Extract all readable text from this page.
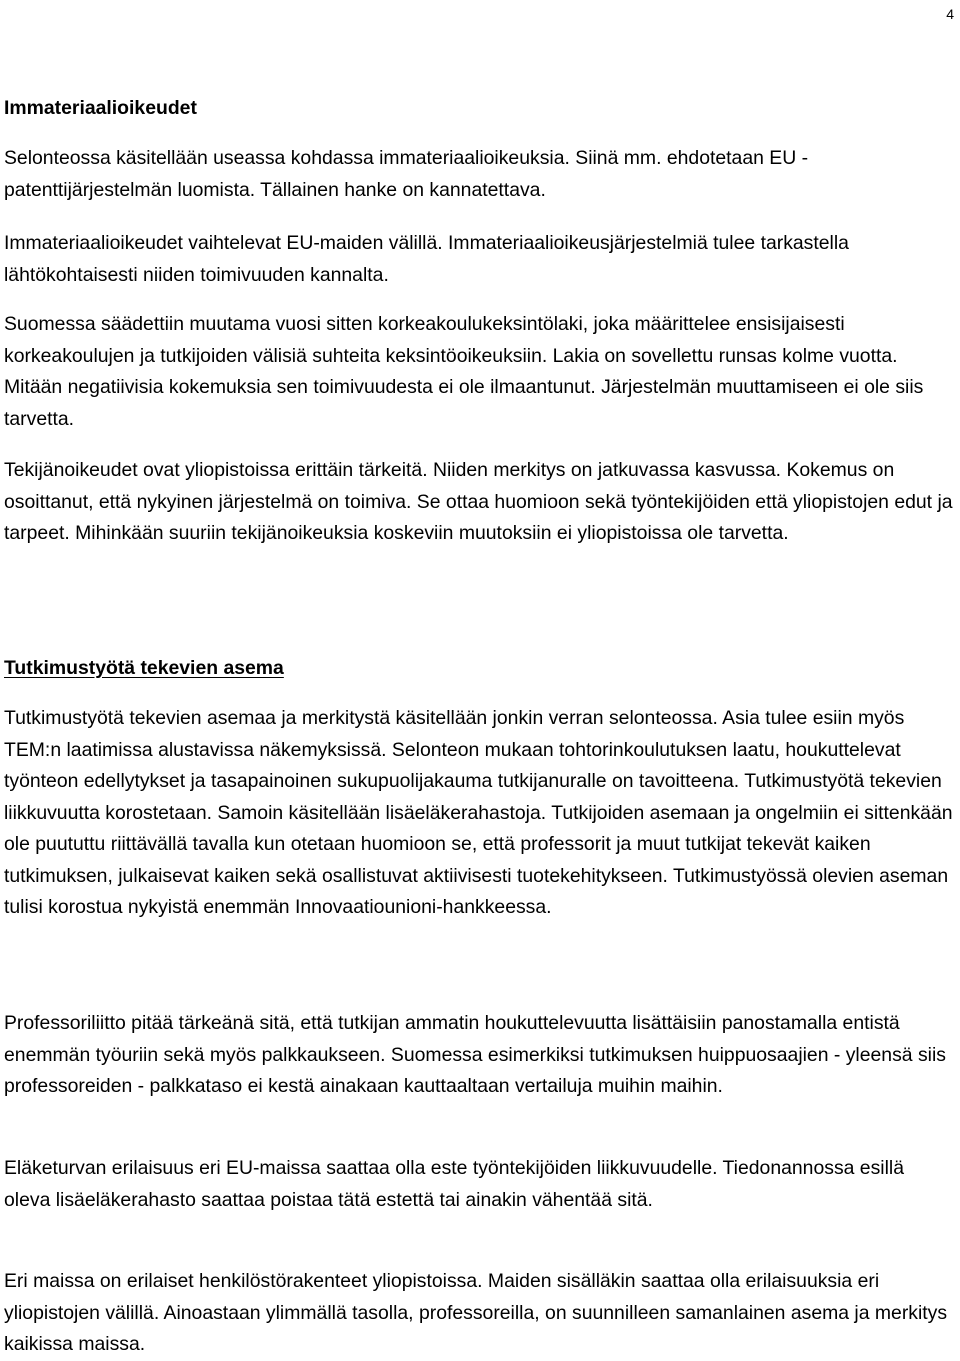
4
Immateriaalioikeudet

Selonteossa käsitellään useassa kohdassa immateriaalioikeuksia. Siinä mm. ehdotetaan EU -patenttijärjestelmän luomista. Tällainen hanke on kannatettava.

Immateriaalioikeudet vaihtelevat EU-maiden välillä. Immateriaalioikeusjärjestelmiä tulee tarkastella lähtökohtaisesti niiden toimivuuden kannalta.

Suomessa säädettiin muutama vuosi sitten korkeakoulukeksintölaki, joka määrittelee ensisijaisesti korkeakoulujen ja tutkijoiden välisiä suhteita keksintöoikeuksiin. Lakia on sovellettu runsas kolme vuotta. Mitään negatiivisia kokemuksia sen toimivuudesta ei ole ilmaantunut. Järjestelmän muuttamiseen ei ole siis tarvetta.

Tekijänoikeudet ovat yliopistoissa erittäin tärkeitä. Niiden merkitys on jatkuvassa kasvussa. Kokemus on osoittanut, että nykyinen järjestelmä on toimiva. Se ottaa huomioon sekä työntekijöiden että yliopistojen edut ja tarpeet. Mihinkään suuriin tekijänoikeuksia koskeviin muutoksiin ei yliopistoissa ole tarvetta.

Tutkimustyötä tekevien asema

Tutkimustyötä tekevien asemaa ja merkitystä käsitellään jonkin verran selonteossa. Asia tulee esiin myös TEM:n laatimissa alustavissa näkemyksissä. Selonteon mukaan tohtorinkoulutuksen laatu, houkuttelevat työnteon edellytykset ja tasapainoinen sukupuolijakauma tutkijanuralle on tavoitteena. Tutkimustyötä tekevien liikkuvuutta korostetaan. Samoin käsitellään lisäeläkerahastoja. Tutkijoiden asemaan ja ongelmiin ei sittenkään ole puututtu riittävällä tavalla kun otetaan huomioon se, että professorit ja muut tutkijat tekevät kaiken tutkimuksen, julkaisevat kaiken sekä osallistuvat aktiivisesti tuotekehitykseen. Tutkimustyössä olevien aseman tulisi korostua nykyistä enemmän Innovaatiounioni-hankkeessa.

Professoriliitto pitää tärkeänä sitä, että tutkijan ammatin houkuttelevuutta lisättäisiin panostamalla entistä enemmän työuriin sekä myös palkkaukseen. Suomessa esimerkiksi tutkimuksen huippuosaajien - yleensä siis professoreiden - palkkataso ei kestä ainakaan kauttaaltaan vertailuja muihin maihin.

Eläketurvan erilaisuus eri EU-maissa saattaa olla este työntekijöiden liikkuvuudelle. Tiedonannossa esillä oleva lisäeläkerahasto saattaa poistaa tätä estettä tai ainakin vähentää sitä.

Eri maissa on erilaiset henkilöstörakenteet yliopistoissa. Maiden sisälläkin saattaa olla erilaisuuksia eri yliopistojen välillä. Ainoastaan ylimmällä tasolla, professoreilla, on suunnilleen samanlainen asema ja merkitys kaikissa maissa.
